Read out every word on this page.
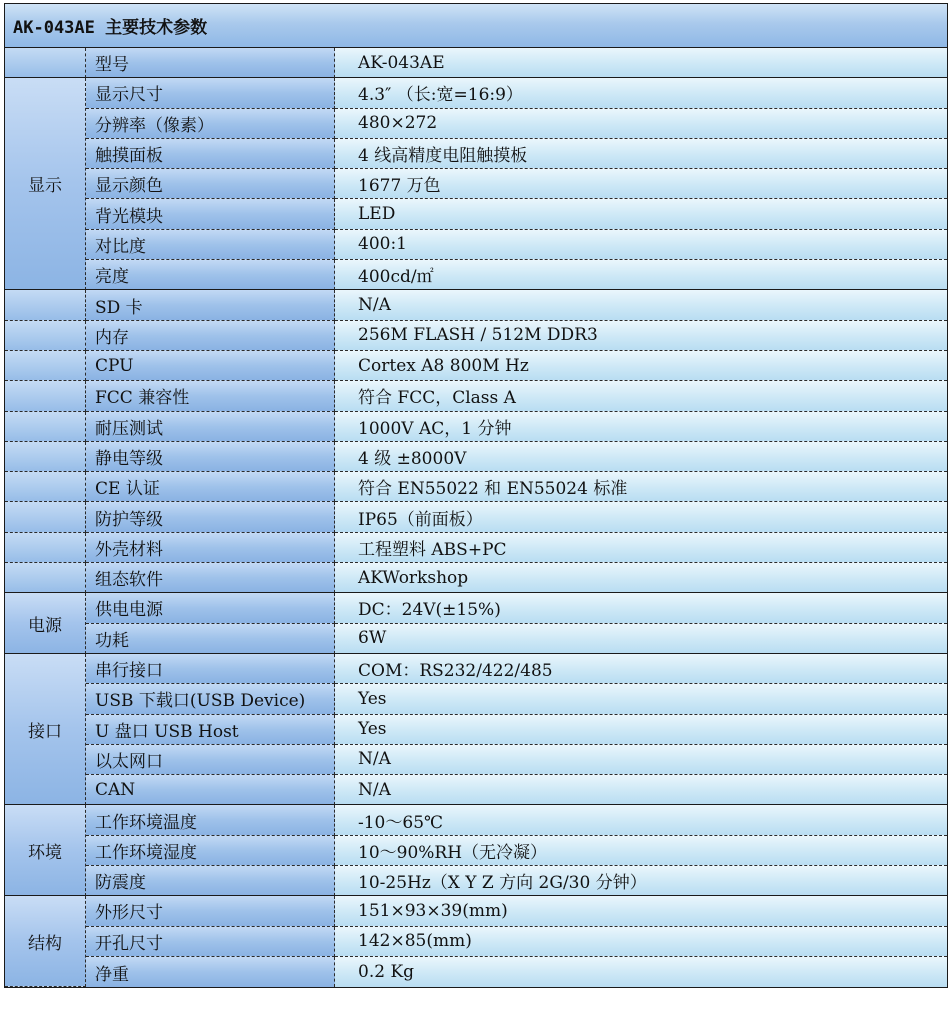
AK-043AE 主要技术参数		
	型号	AK-043AE
显示	显示尺寸	4.3″ （长:宽=16:9）
	分辨率（像素）	480×272
	触摸面板	4 线高精度电阻触摸板
	显示颜色	1677 万色
	背光模块	LED
	对比度	400:1
	亮度	400cd/㎡
	SD 卡	N/A
	内存	256M FLASH / 512M DDR3
	CPU	Cortex A8 800M Hz
	FCC 兼容性	符合 FCC，Class A
	耐压测试	1000V AC，1 分钟
	静电等级	4 级 ±8000V
	CE 认证	符合 EN55022 和 EN55024 标准
	防护等级	IP65（前面板）
	外壳材料	工程塑料 ABS+PC
	组态软件	AKWorkshop
电源	供电电源	DC：24V(±15%)
	功耗	6W
接口	串行接口	COM：RS232/422/485
	USB 下载口(USB Device)	Yes
	U 盘口 USB Host	Yes
	以太网口	N/A
	CAN	N/A
环境	工作环境温度	-10～65℃
	工作环境湿度	10～90%RH（无冷凝）
	防震度	10-25Hz（X Y Z 方向 2G/30 分钟）
结构	外形尺寸	151×93×39(mm)
	开孔尺寸	142×85(mm)
	净重	0.2 Kg
